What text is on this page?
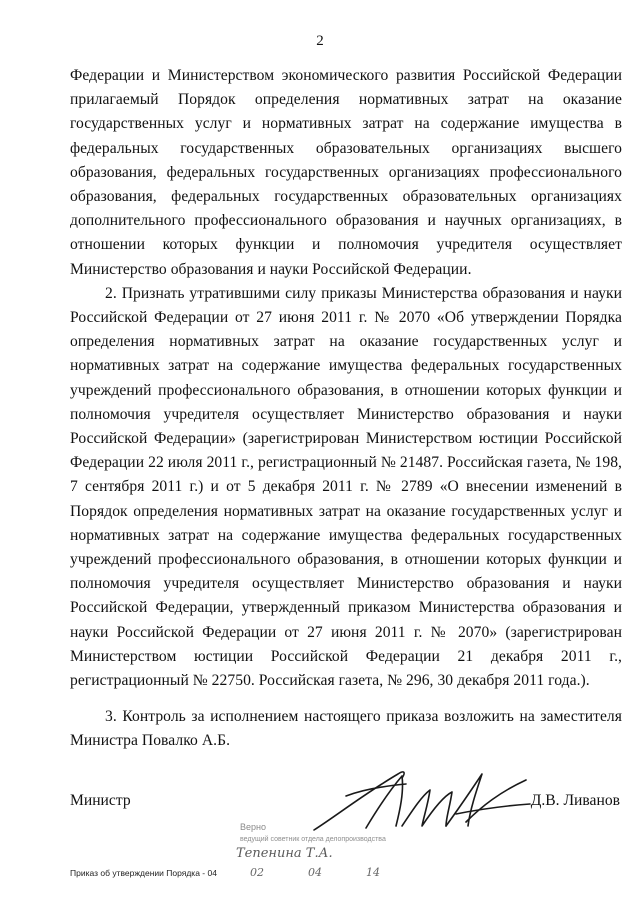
2

Федерации и Министерством экономического развития Российской Федерации прилагаемый Порядок определения нормативных затрат на оказание государственных услуг и нормативных затрат на содержание имущества в федеральных государственных образовательных организациях высшего образования, федеральных государственных организациях профессионального образования, федеральных государственных образовательных организациях дополнительного профессионального образования и научных организациях, в отношении которых функции и полномочия учредителя осуществляет Министерство образования и науки Российской Федерации.

2. Признать утратившими силу приказы Министерства образования и науки Российской Федерации от 27 июня 2011 г. № 2070 «Об утверждении Порядка определения нормативных затрат на оказание государственных услуг и нормативных затрат на содержание имущества федеральных государственных учреждений профессионального образования, в отношении которых функции и полномочия учредителя осуществляет Министерство образования и науки Российской Федерации» (зарегистрирован Министерством юстиции Российской Федерации 22 июля 2011 г., регистрационный № 21487. Российская газета, № 198, 7 сентября 2011 г.) и от 5 декабря 2011 г. № 2789 «О внесении изменений в Порядок определения нормативных затрат на оказание государственных услуг и нормативных затрат на содержание имущества федеральных государственных учреждений профессионального образования, в отношении которых функции и полномочия учредителя осуществляет Министерство образования и науки Российской Федерации, утвержденный приказом Министерства образования и науки Российской Федерации от 27 июня 2011 г. № 2070» (зарегистрирован Министерством юстиции Российской Федерации 21 декабря 2011 г., регистрационный № 22750. Российская газета, № 296, 30 декабря 2011 года.).

3. Контроль за исполнением настоящего приказа возложить на заместителя Министра Повалко А.Б.

Министр	Д.В. Ливанов
Верно
ведущий советник отдела делопроизводства
Тепенина Т.А.
02	04	14
Приказ об утверждении Порядка - 04
